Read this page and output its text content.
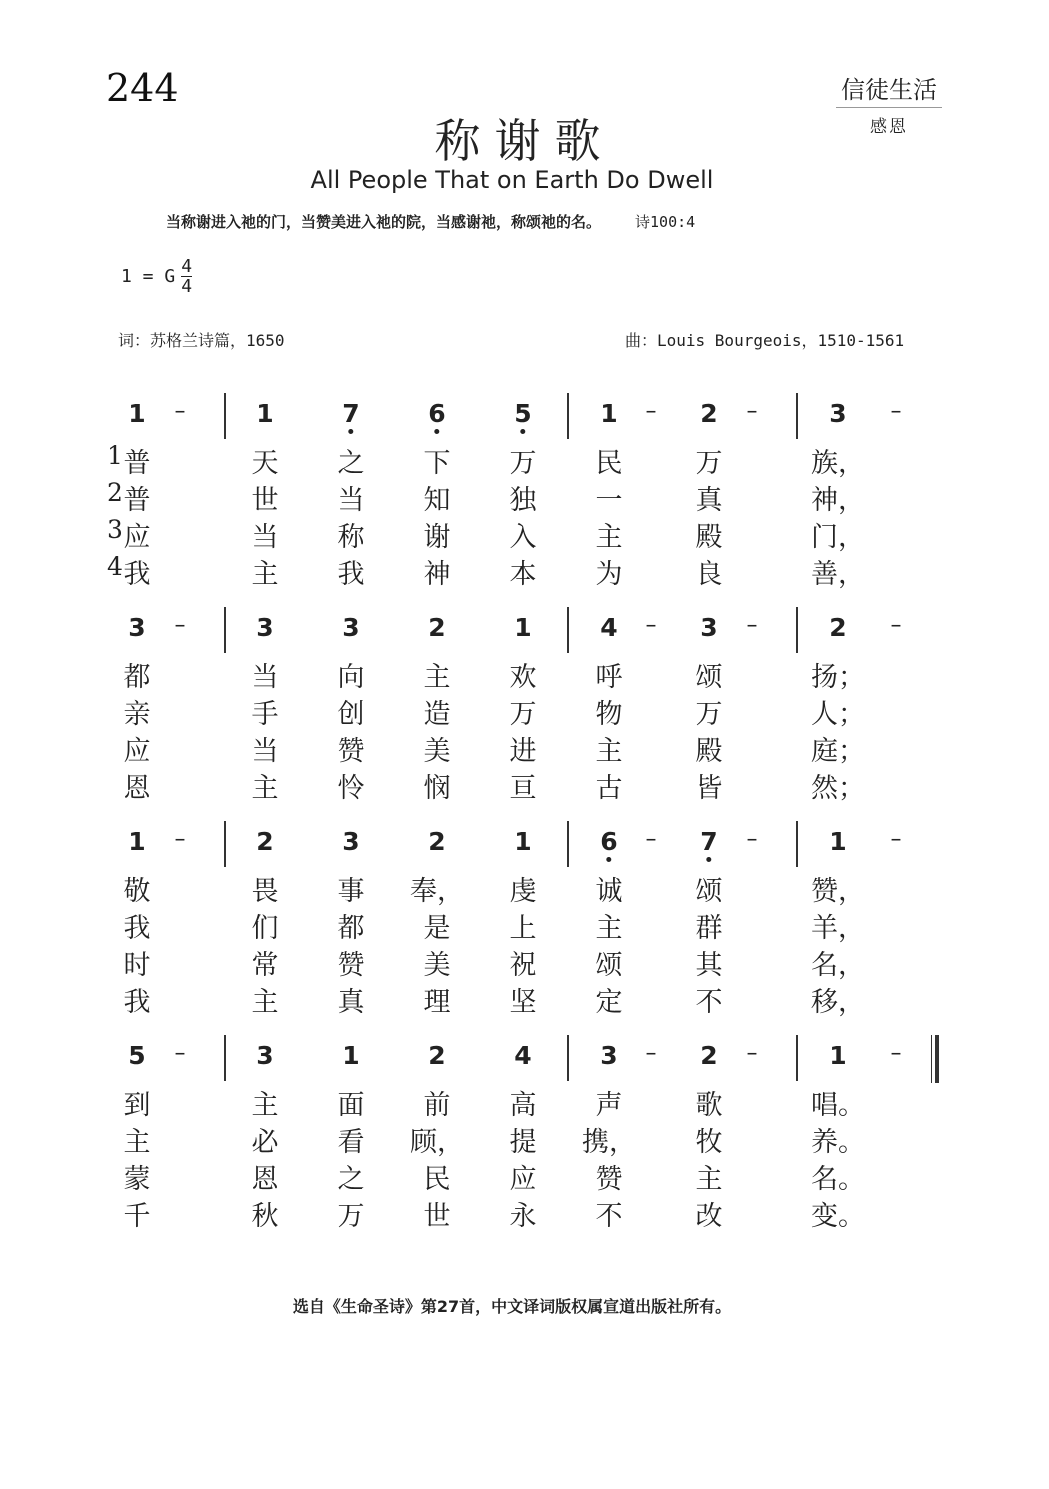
244	信徒生活
感恩
称谢歌
All People That on Earth Do Dwell
当称谢进入祂的门，当赞美进入祂的院，当感谢祂，称颂祂的名。 诗100:4
1 = G $\frac{4}{4}$
词：苏格兰诗篇，1650	曲：Louis Bourgeois，1510-1561
1 –	1	7	6	5	1 – 2 –	3 –
1 普	天 之 下 万 民	万	族，
2 普	世 当 知 独 一	真	神，
3 应	当 称 谢 入 主	殿	门，
4 我	主 我 神 本 为	良	善，
3 –	3	3	2	1	4 – 3 –	2 –
都	当 向 主 欢 呼	颂	扬；
亲	手 创 造 万 物	万	人；
应	当 赞 美 进 主	殿	庭；
恩	主 怜 悯 亘 古	皆	然；
1 –	2	3	2	1	6 – 7 –	1 –
敬	畏 事 奉， 虔 诚	颂	赞，
我	们 都 是 上 主	群	羊，
时	常 赞 美 祝 颂	其	名，
我	主 真 理 坚 定	不	移，
5 –	3	1	2	4	3 – 2 –	1 –
到	主 面 前 高 声	歌	唱。
主	必 看 顾， 提 携， 牧	养。
蒙	恩 之 民 应 赞	主	名。
千	秋 万 世 永 不	改	变。
选自《生命圣诗》第27首，中文译词版权属宣道出版社所有。
